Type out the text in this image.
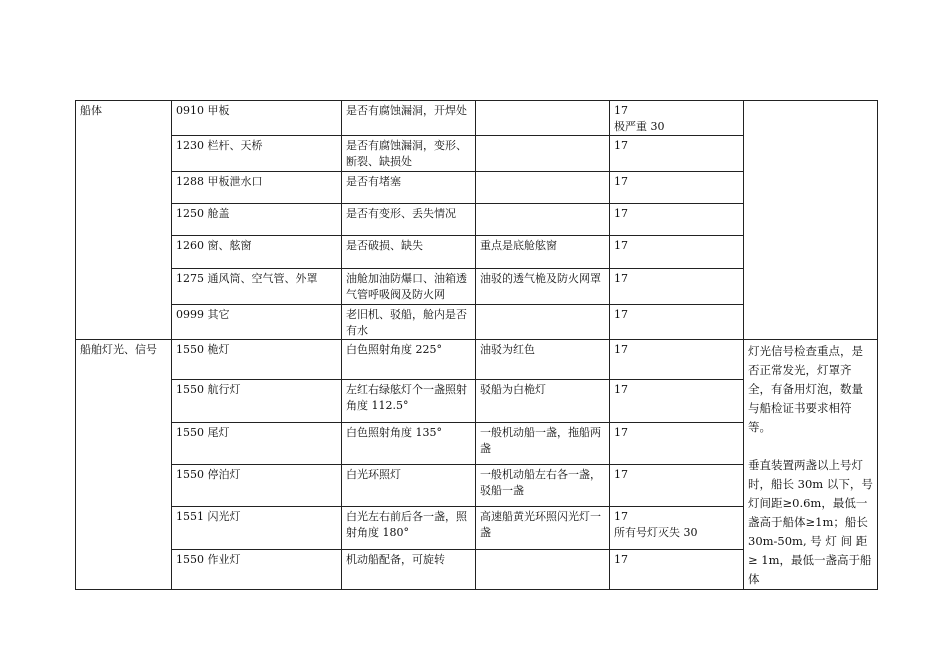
船体	0910 甲板	是否有腐蚀漏洞，开焊处		17
极严重 30	

	1230 栏杆、天桥	是否有腐蚀漏洞，变形、断裂、缺损处		17	

	1288 甲板泄水口	是否有堵塞		17	

	1250 舱盖	是否有变形、丢失情况		17	

	1260 窗、舷窗	是否破损、缺失	重点是底舱舷窗	17	

	1275 通风筒、空气管、外罩	油舱加油防爆口、油箱透气管呼吸阀及防火网	油驳的透气桅及防火网罩	17	

	0999 其它	老旧机、驳船，舱内是否有水		17	

船舶灯光、信号	1550 桅灯	白色照射角度 225°	油驳为红色	17	灯光信号检查重点，是否正常发光，灯罩齐全，有备用灯泡，数量与船检证书要求相符等。
垂直装置两盏以上号灯时，船长 30m 以下，号灯间距≥0.6m，最低一盏高于船体≥1m；船长 30m-50m, 号 灯 间 距 ≥ 1m，最低一盏高于船体

	1550 航行灯	左红右绿舷灯个一盏照射角度 112.5°	驳船为白桅灯	17	

	1550 尾灯	白色照射角度 135°	一般机动船一盏，拖船两盏	17	

	1550 停泊灯	白光环照灯	一般机动船左右各一盏，驳船一盏	17	

	1551 闪光灯	白光左右前后各一盏，照射角度 180°	高速船黄光环照闪光灯一盏	17
所有号灯灭失 30	

	1550 作业灯	机动船配备，可旋转		17	
